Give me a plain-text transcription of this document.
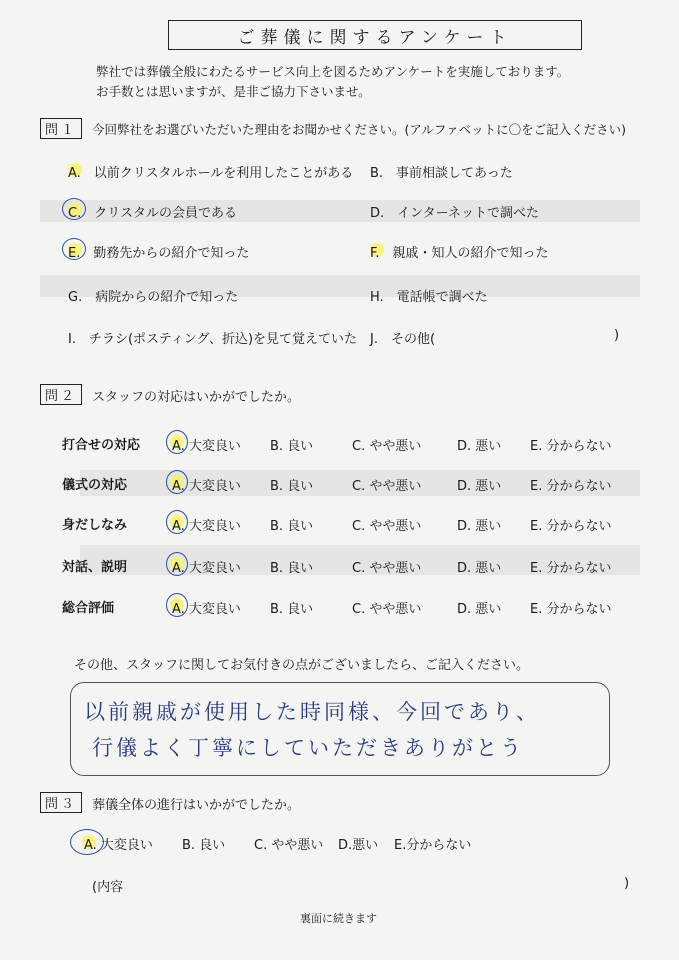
ご葬儀に関するアンケート
弊社では葬儀全般にわたるサービス向上を図るためアンケートを実施しております。
お手数とは思いますが、是非ご協力下さいませ。
問１	今回弊社をお選びいただいた理由をお聞かせください。(アルファベットに〇をご記入ください)
A.　以前クリスタルホールを利用したことがある B.　事前相談してあった
C.　クリスタルの会員である	D.　インターネットで調べた
E.　勤務先からの紹介で知った	F.　親戚・知人の紹介で知った
G.　病院からの紹介で知った	H.　電話帳で調べた
I.　チラシ(ポスティング、折込)を見て覚えていた J.　その他(	)
問２	スタッフの対応はいかがでしたか。
打合せの対応 A. 大変良い B. 良い	C. やや悪い	D. 悪い E. 分からない
儀式の対応	A. 大変良い B. 良い	C. やや悪い	D. 悪い E. 分からない
身だしなみ	A. 大変良い B. 良い	C. やや悪い	D. 悪い E. 分からない
対話、説明	A. 大変良い B. 良い	C. やや悪い	D. 悪い E. 分からない
総合評価	A. 大変良い B. 良い	C. やや悪い	D. 悪い E. 分からない
その他、スタッフに関してお気付きの点がございましたら、ご記入ください。
以前親戚が使用した時同様、今回であり、
行儀よく丁寧にしていただきありがとう
問３	葬儀全体の進行はいかがでしたか。
A. 大変良い B. 良い C. やや悪い D.悪い E.分からない
(内容	)
裏面に続きます
